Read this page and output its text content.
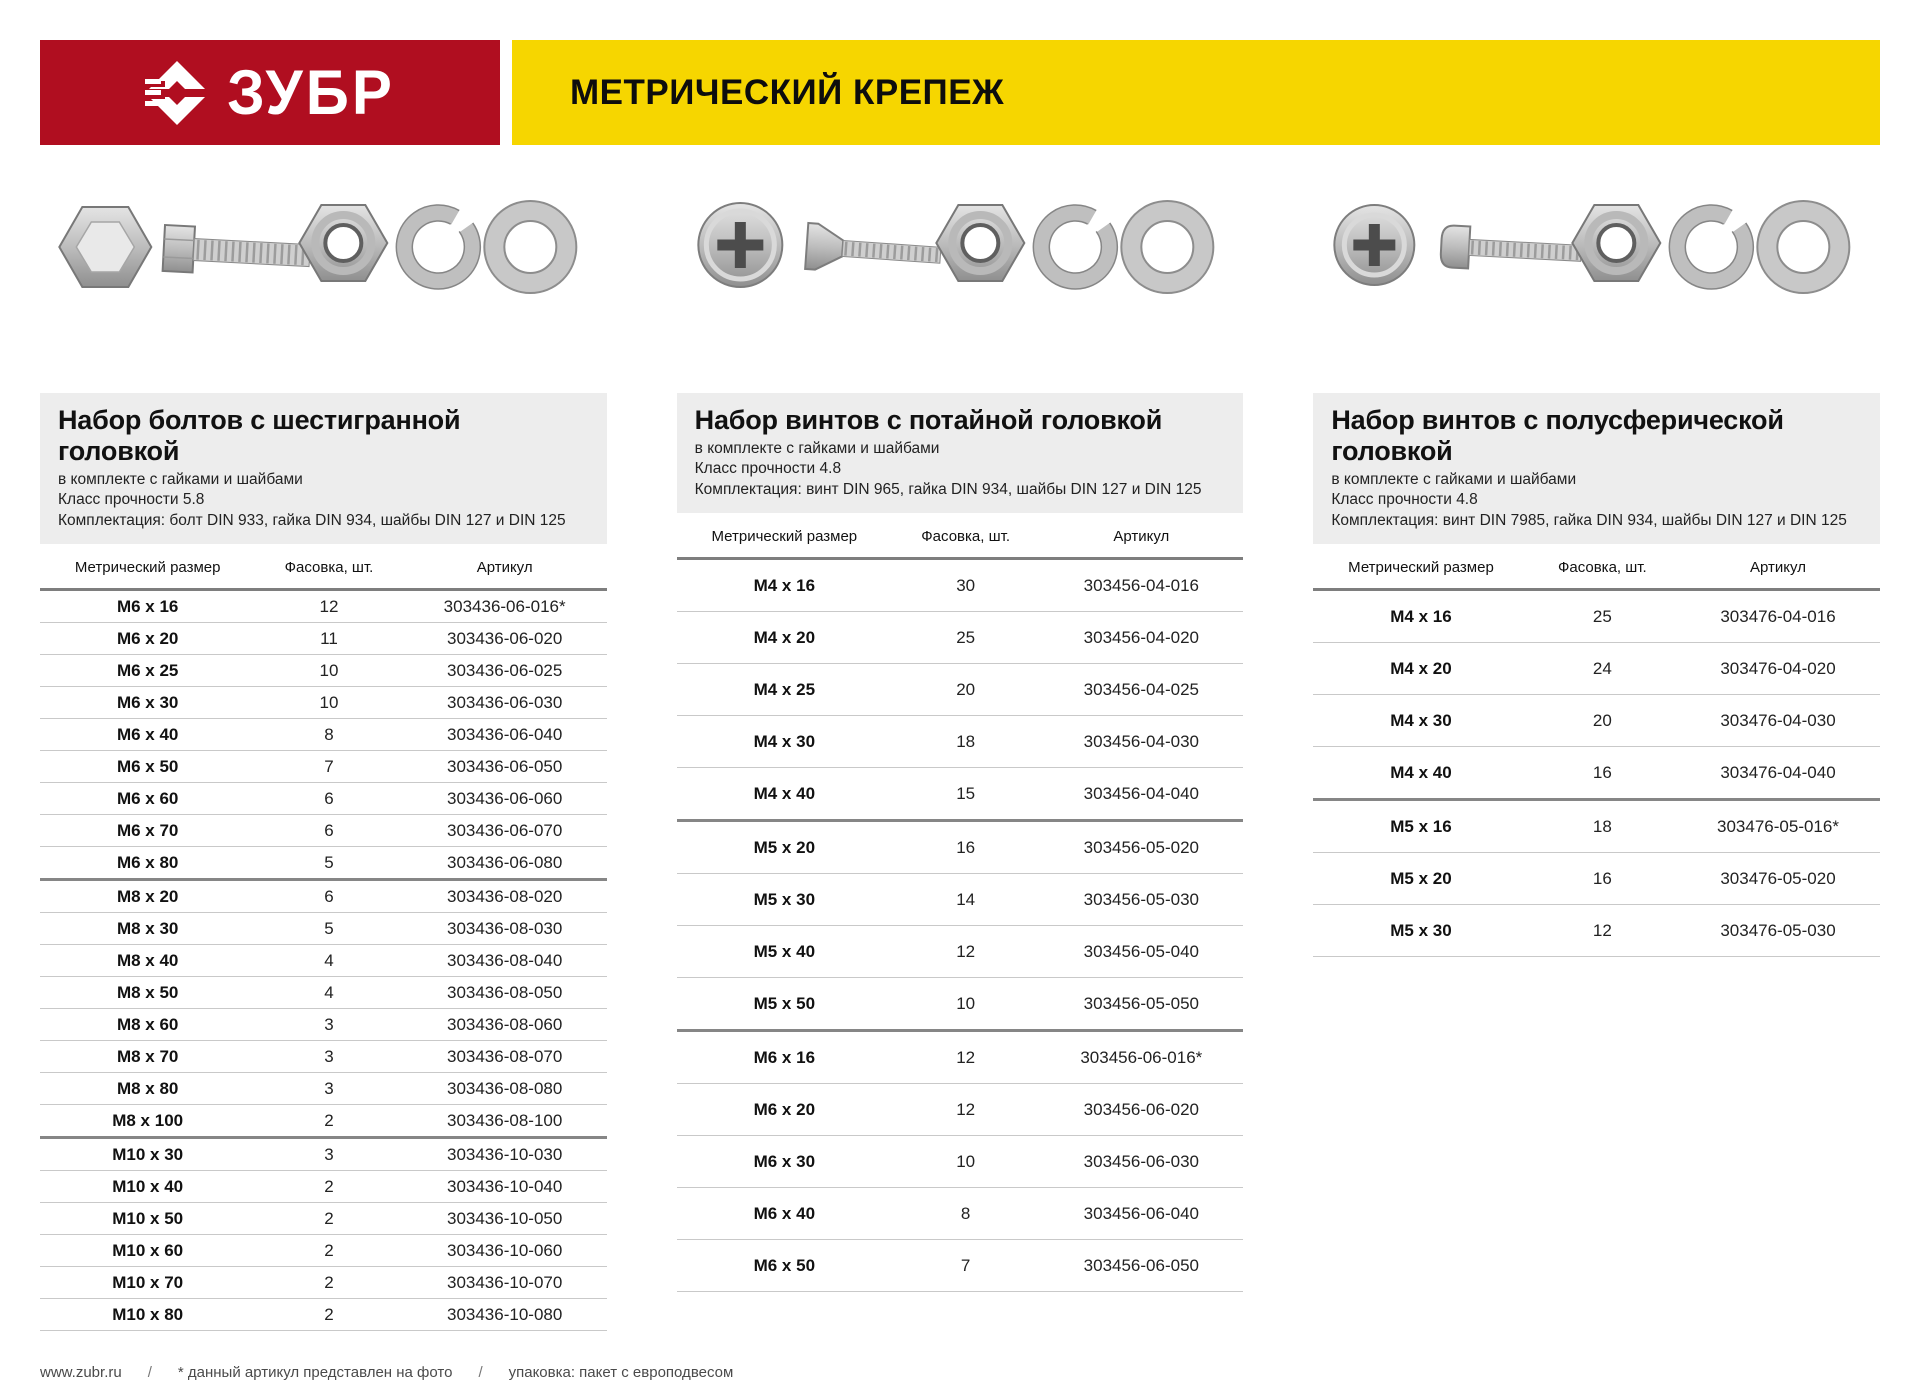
ЗУБР	МЕТРИЧЕСКИЙ КРЕПЕЖ
Набор болтов с шестигранной головкой
в комплекте с гайками и шайбами
Класс прочности 5.8
Комплектация: болт DIN 933, гайка DIN 934, шайбы DIN 127 и DIN 125
Метрический размер	Фасовка, шт.	Артикул
M6 x 16	12	303436-06-016*
M6 x 20	11	303436-06-020
M6 x 25	10	303436-06-025
M6 x 30	10	303436-06-030
M6 x 40	8	303436-06-040
M6 x 50	7	303436-06-050
M6 x 60	6	303436-06-060
M6 x 70	6	303436-06-070
M6 x 80	5	303436-06-080
M8 x 20	6	303436-08-020
M8 x 30	5	303436-08-030
M8 x 40	4	303436-08-040
M8 x 50	4	303436-08-050
M8 x 60	3	303436-08-060
M8 x 70	3	303436-08-070
M8 x 80	3	303436-08-080
M8 x 100	2	303436-08-100
M10 x 30	3	303436-10-030
M10 x 40	2	303436-10-040
M10 x 50	2	303436-10-050
M10 x 60	2	303436-10-060
M10 x 70	2	303436-10-070
M10 x 80	2	303436-10-080
Набор винтов с потайной головкой
в комплекте с гайками и шайбами
Класс прочности 4.8
Комплектация: винт DIN 965, гайка DIN 934, шайбы DIN 127 и DIN 125
Метрический размер	Фасовка, шт.	Артикул
M4 x 16	30	303456-04-016
M4 x 20	25	303456-04-020
M4 x 25	20	303456-04-025
M4 x 30	18	303456-04-030
M4 x 40	15	303456-04-040
M5 x 20	16	303456-05-020
M5 x 30	14	303456-05-030
M5 x 40	12	303456-05-040
M5 x 50	10	303456-05-050
M6 x 16	12	303456-06-016*
M6 x 20	12	303456-06-020
M6 x 30	10	303456-06-030
M6 x 40	8	303456-06-040
M6 x 50	7	303456-06-050
Набор винтов с полусферической головкой
в комплекте с гайками и шайбами
Класс прочности 4.8
Комплектация: винт DIN 7985, гайка DIN 934, шайбы DIN 127 и DIN 125
Метрический размер	Фасовка, шт.	Артикул
M4 x 16	25	303476-04-016
M4 x 20	24	303476-04-020
M4 x 30	20	303476-04-030
M4 x 40	16	303476-04-040
M5 x 16	18	303476-05-016*
M5 x 20	16	303476-05-020
M5 x 30	12	303476-05-030
www.zubr.ru / * данный артикул представлен на фото / упаковка: пакет с европодвесом
